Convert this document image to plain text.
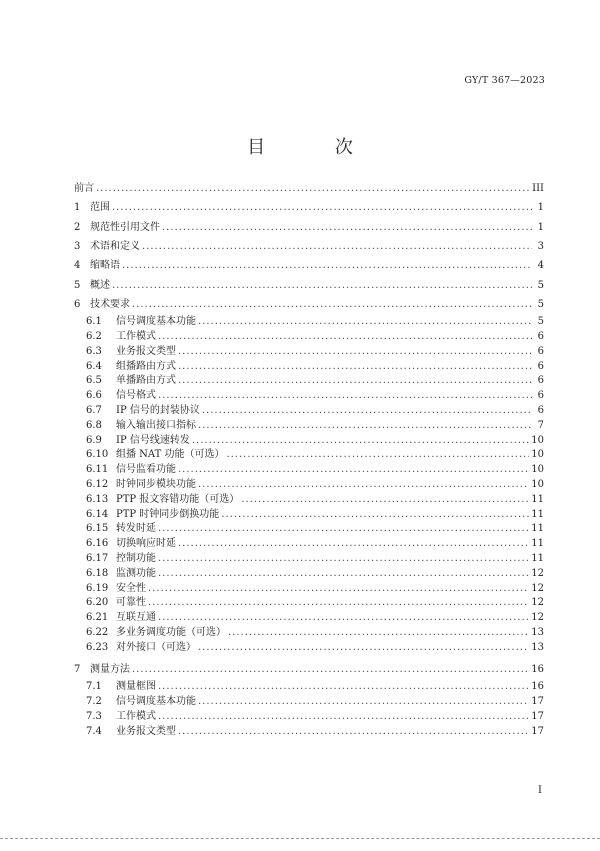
GY/T 367—2023
目 次
前言 .....	III
1 范围 .....	1
2 规范性引用文件 .....	1
3 术语和定义 .....	3
4 缩略语 .....	4
5 概述 .....	5
6 技术要求 .....	5
6.1	信号调度基本功能 .....	5
6.2	工作模式 .....	6
6.3	业务报文类型 .....	6
6.4	组播路由方式 .....	6
6.5	单播路由方式 .....	6
6.6	信号格式 .....	6
6.7	IP 信号的封装协议 .....	6
6.8	输入输出接口指标 .....	7
6.9	IP 信号线速转发 .....	10
6.10 组播 NAT 功能（可选） .....	10
6.11 信号监看功能 .....	10
6.12 时钟同步模块功能 .....	10
6.13 PTP 报文容错功能（可选） .....	11
6.14 PTP 时钟同步倒换功能 .....	11
6.15 转发时延 .....	11
6.16 切换响应时延 .....	11
6.17 控制功能 .....	11
6.18 监测功能 .....	12
6.19 安全性 .....	12
6.20 可靠性 .....	12
6.21 互联互通 .....	12
6.22 多业务调度功能（可选） .....	13
6.23 对外接口（可选） .....	13
7 测量方法 .....	16
7.1	测量框图 .....	16
7.2	信号调度基本功能 .....	17
7.3	工作模式 .....	17
7.4	业务报文类型 .....	17
I
